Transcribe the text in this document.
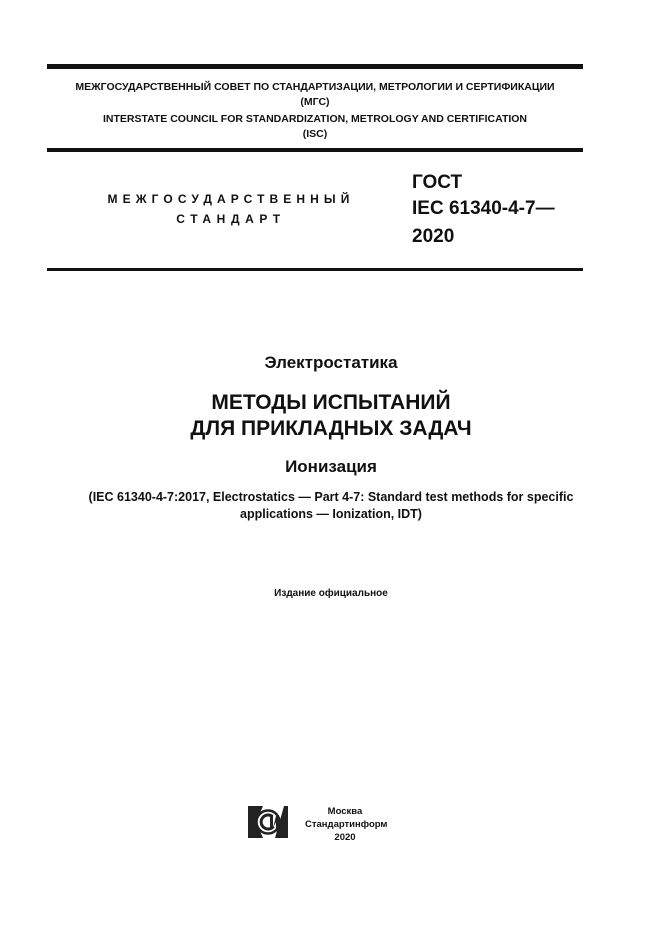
МЕЖГОСУДАРСТВЕННЫЙ СОВЕТ ПО СТАНДАРТИЗАЦИИ, МЕТРОЛОГИИ И СЕРТИФИКАЦИИ
(МГС)
INTERSTATE COUNCIL FOR STANDARDIZATION, METROLOGY AND CERTIFICATION
(ISC)
МЕЖГОСУДАРСТВЕННЫЙ
СТАНДАРТ
ГОСТ
IEC 61340-4-7—
2020
Электростатика
МЕТОДЫ ИСПЫТАНИЙ
ДЛЯ ПРИКЛАДНЫХ ЗАДАЧ
Ионизация
(IEC 61340-4-7:2017, Electrostatics — Part 4-7: Standard test methods for specific
applications — Ionization, IDT)
Издание официальное
Москва
Стандартинформ
2020
